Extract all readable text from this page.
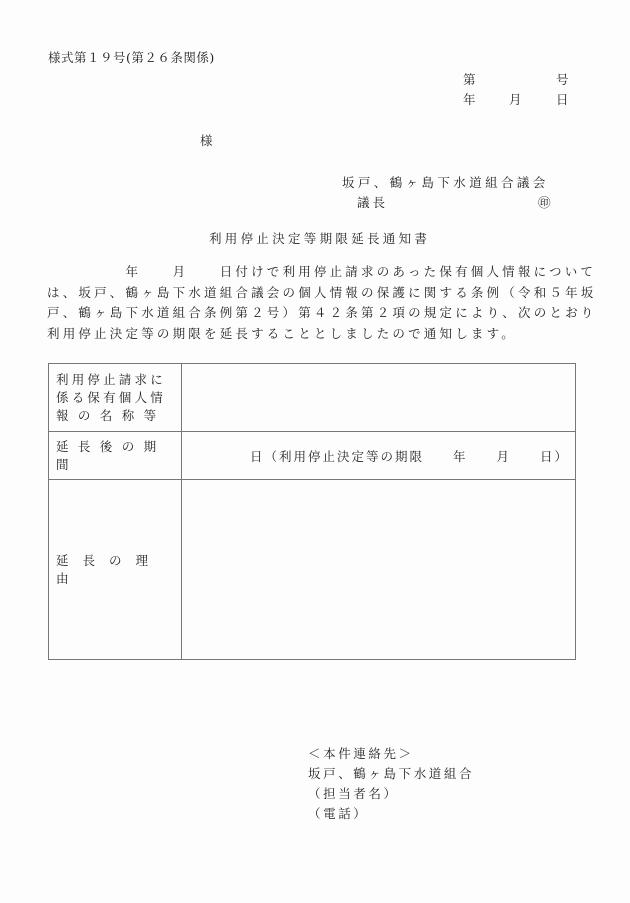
様式第１９号(第２６条関係)
第	号
年	月	日
様
坂戸、鶴ヶ島下水道組合議会
議長	㊞
利用停止決定等期限延長通知書
　　　　　年　　月　　日付けで利用停止請求のあった保有個人情報について
は、坂戸、鶴ヶ島下水道組合議会の個人情報の保護に関する条例（令和５年坂
戸、鶴ヶ島下水道組合条例第２号）第４２条第２項の規定により、次のとおり
利用停止決定等の期限を延長することとしましたので通知します。
利用停止請求に
係る保有個人情
報の名称等	

延長後の期間	日（利用停止決定等の期限　　年　　月　　日）
延長の理由	
＜本件連絡先＞
坂戸、鶴ヶ島下水道組合
（担当者名）
（電話）
